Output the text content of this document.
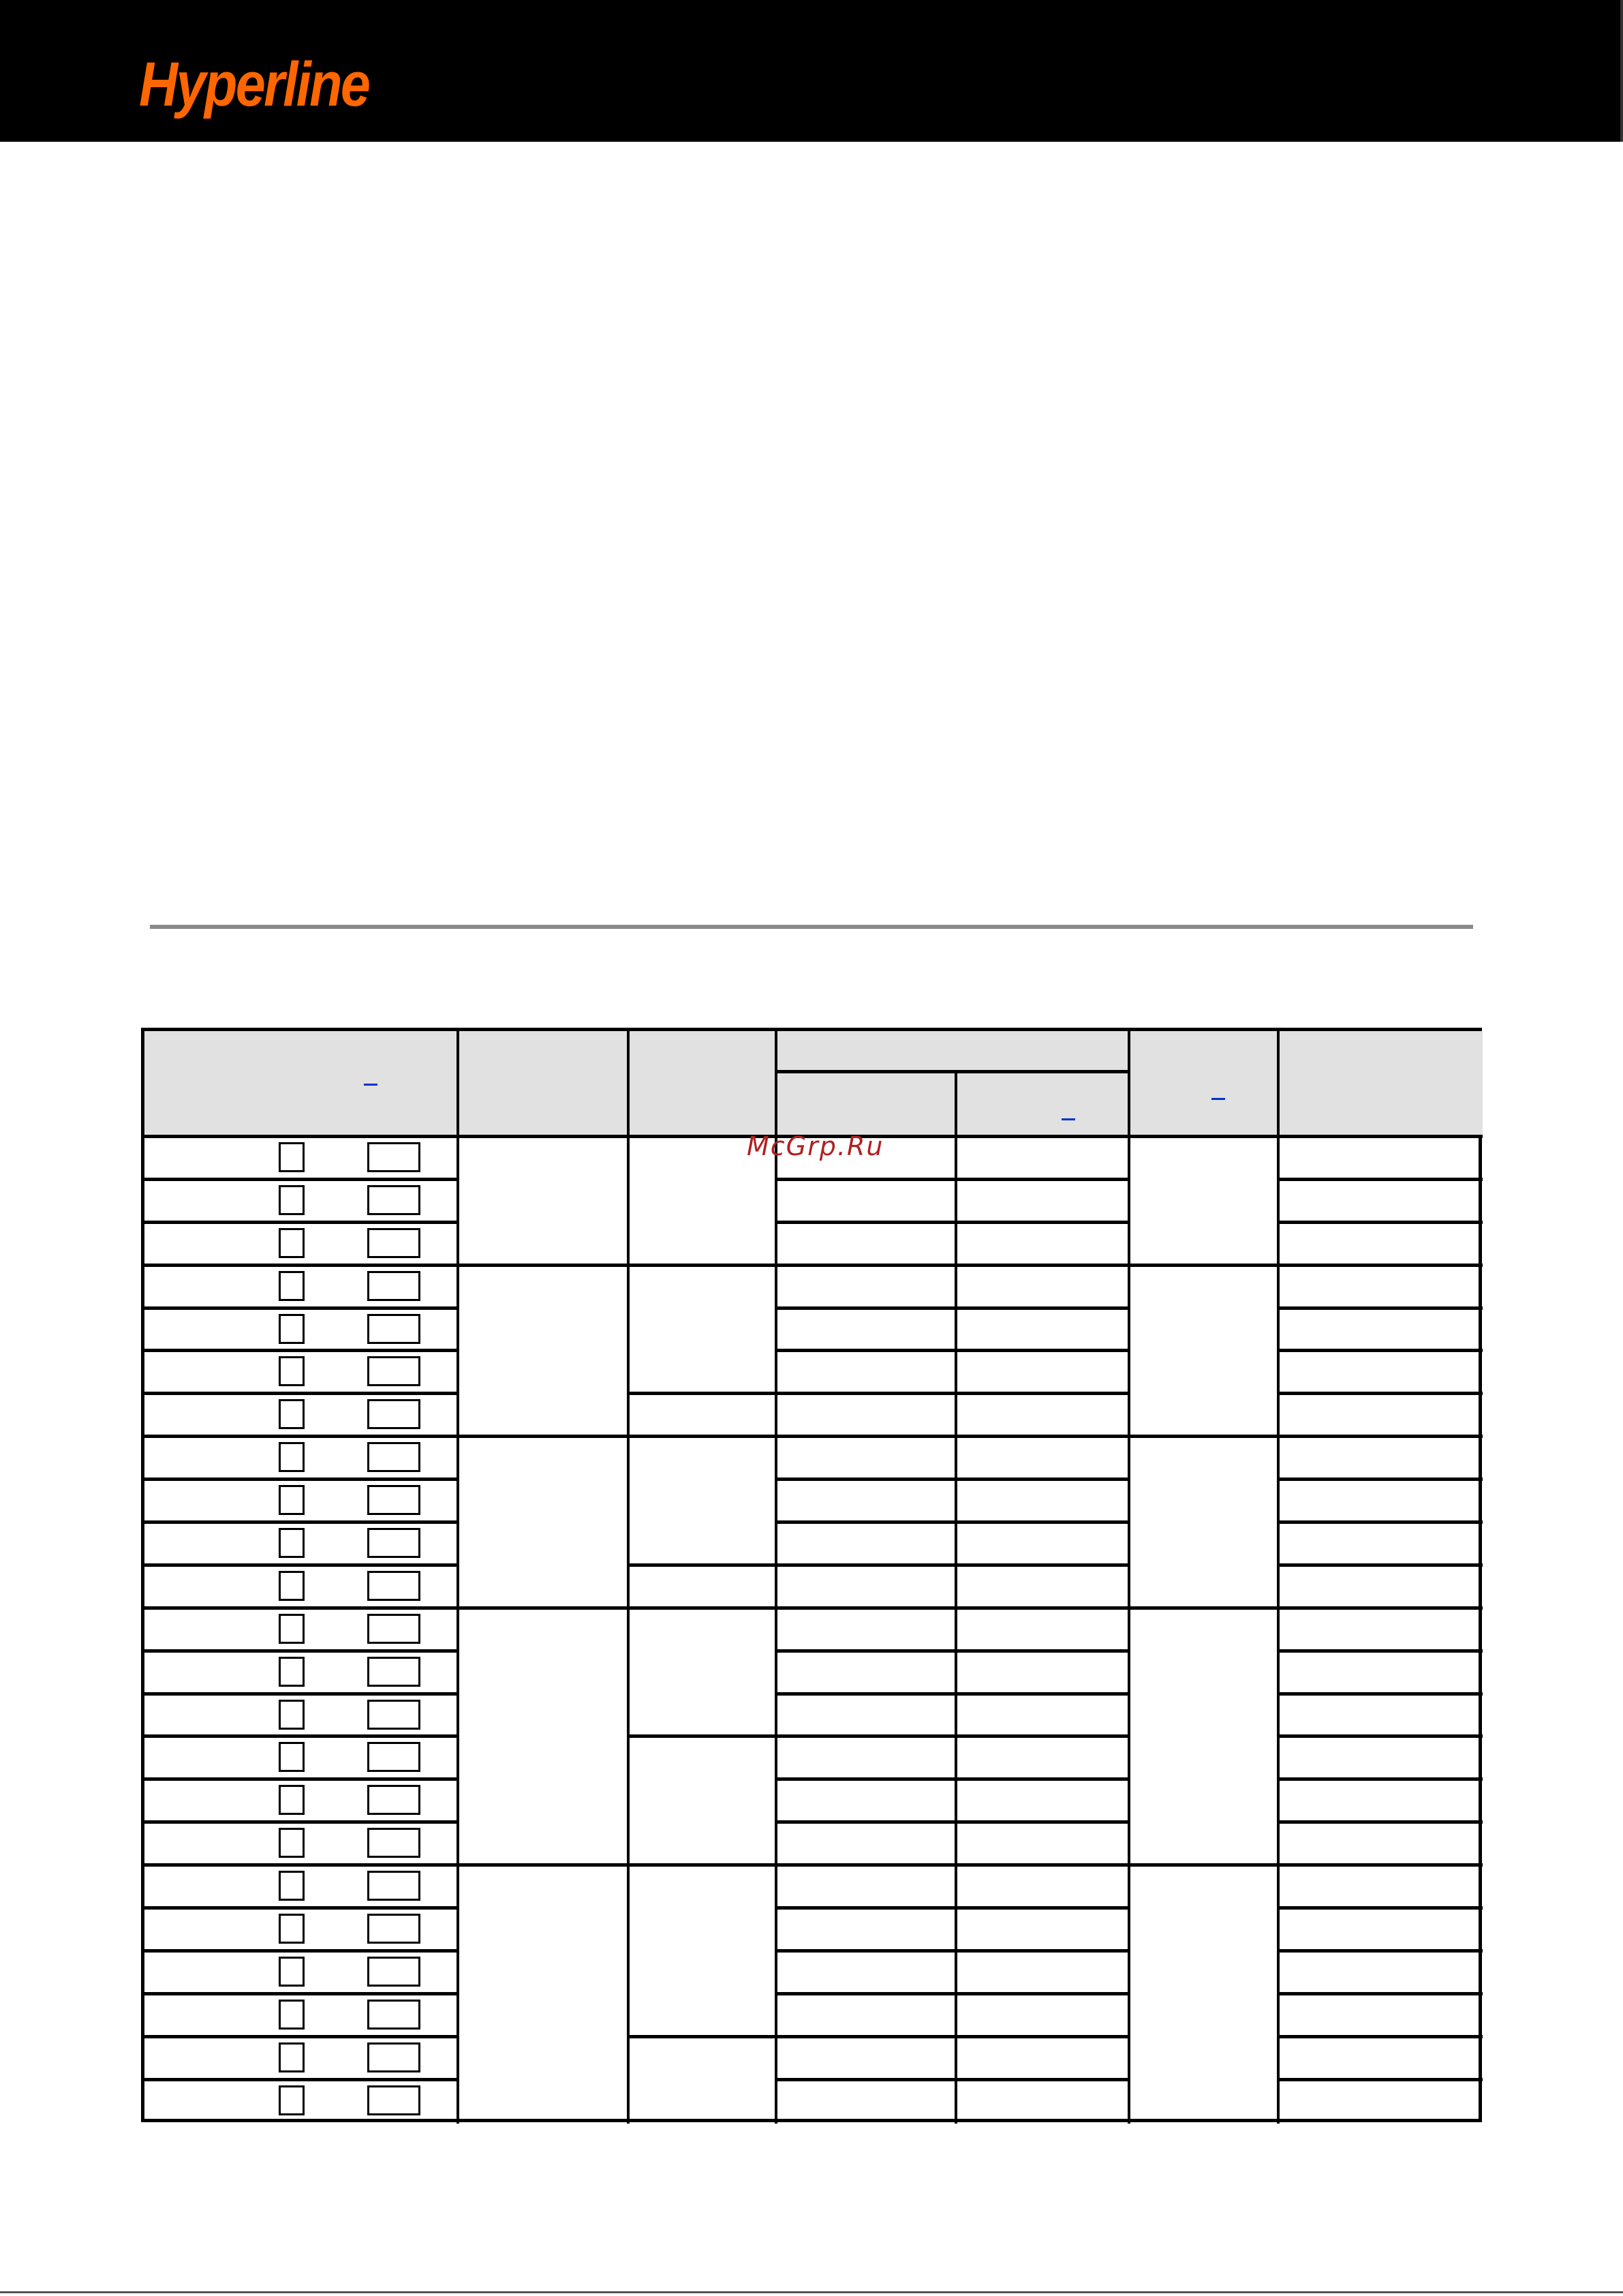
Hyperline
McGrp.Ru
